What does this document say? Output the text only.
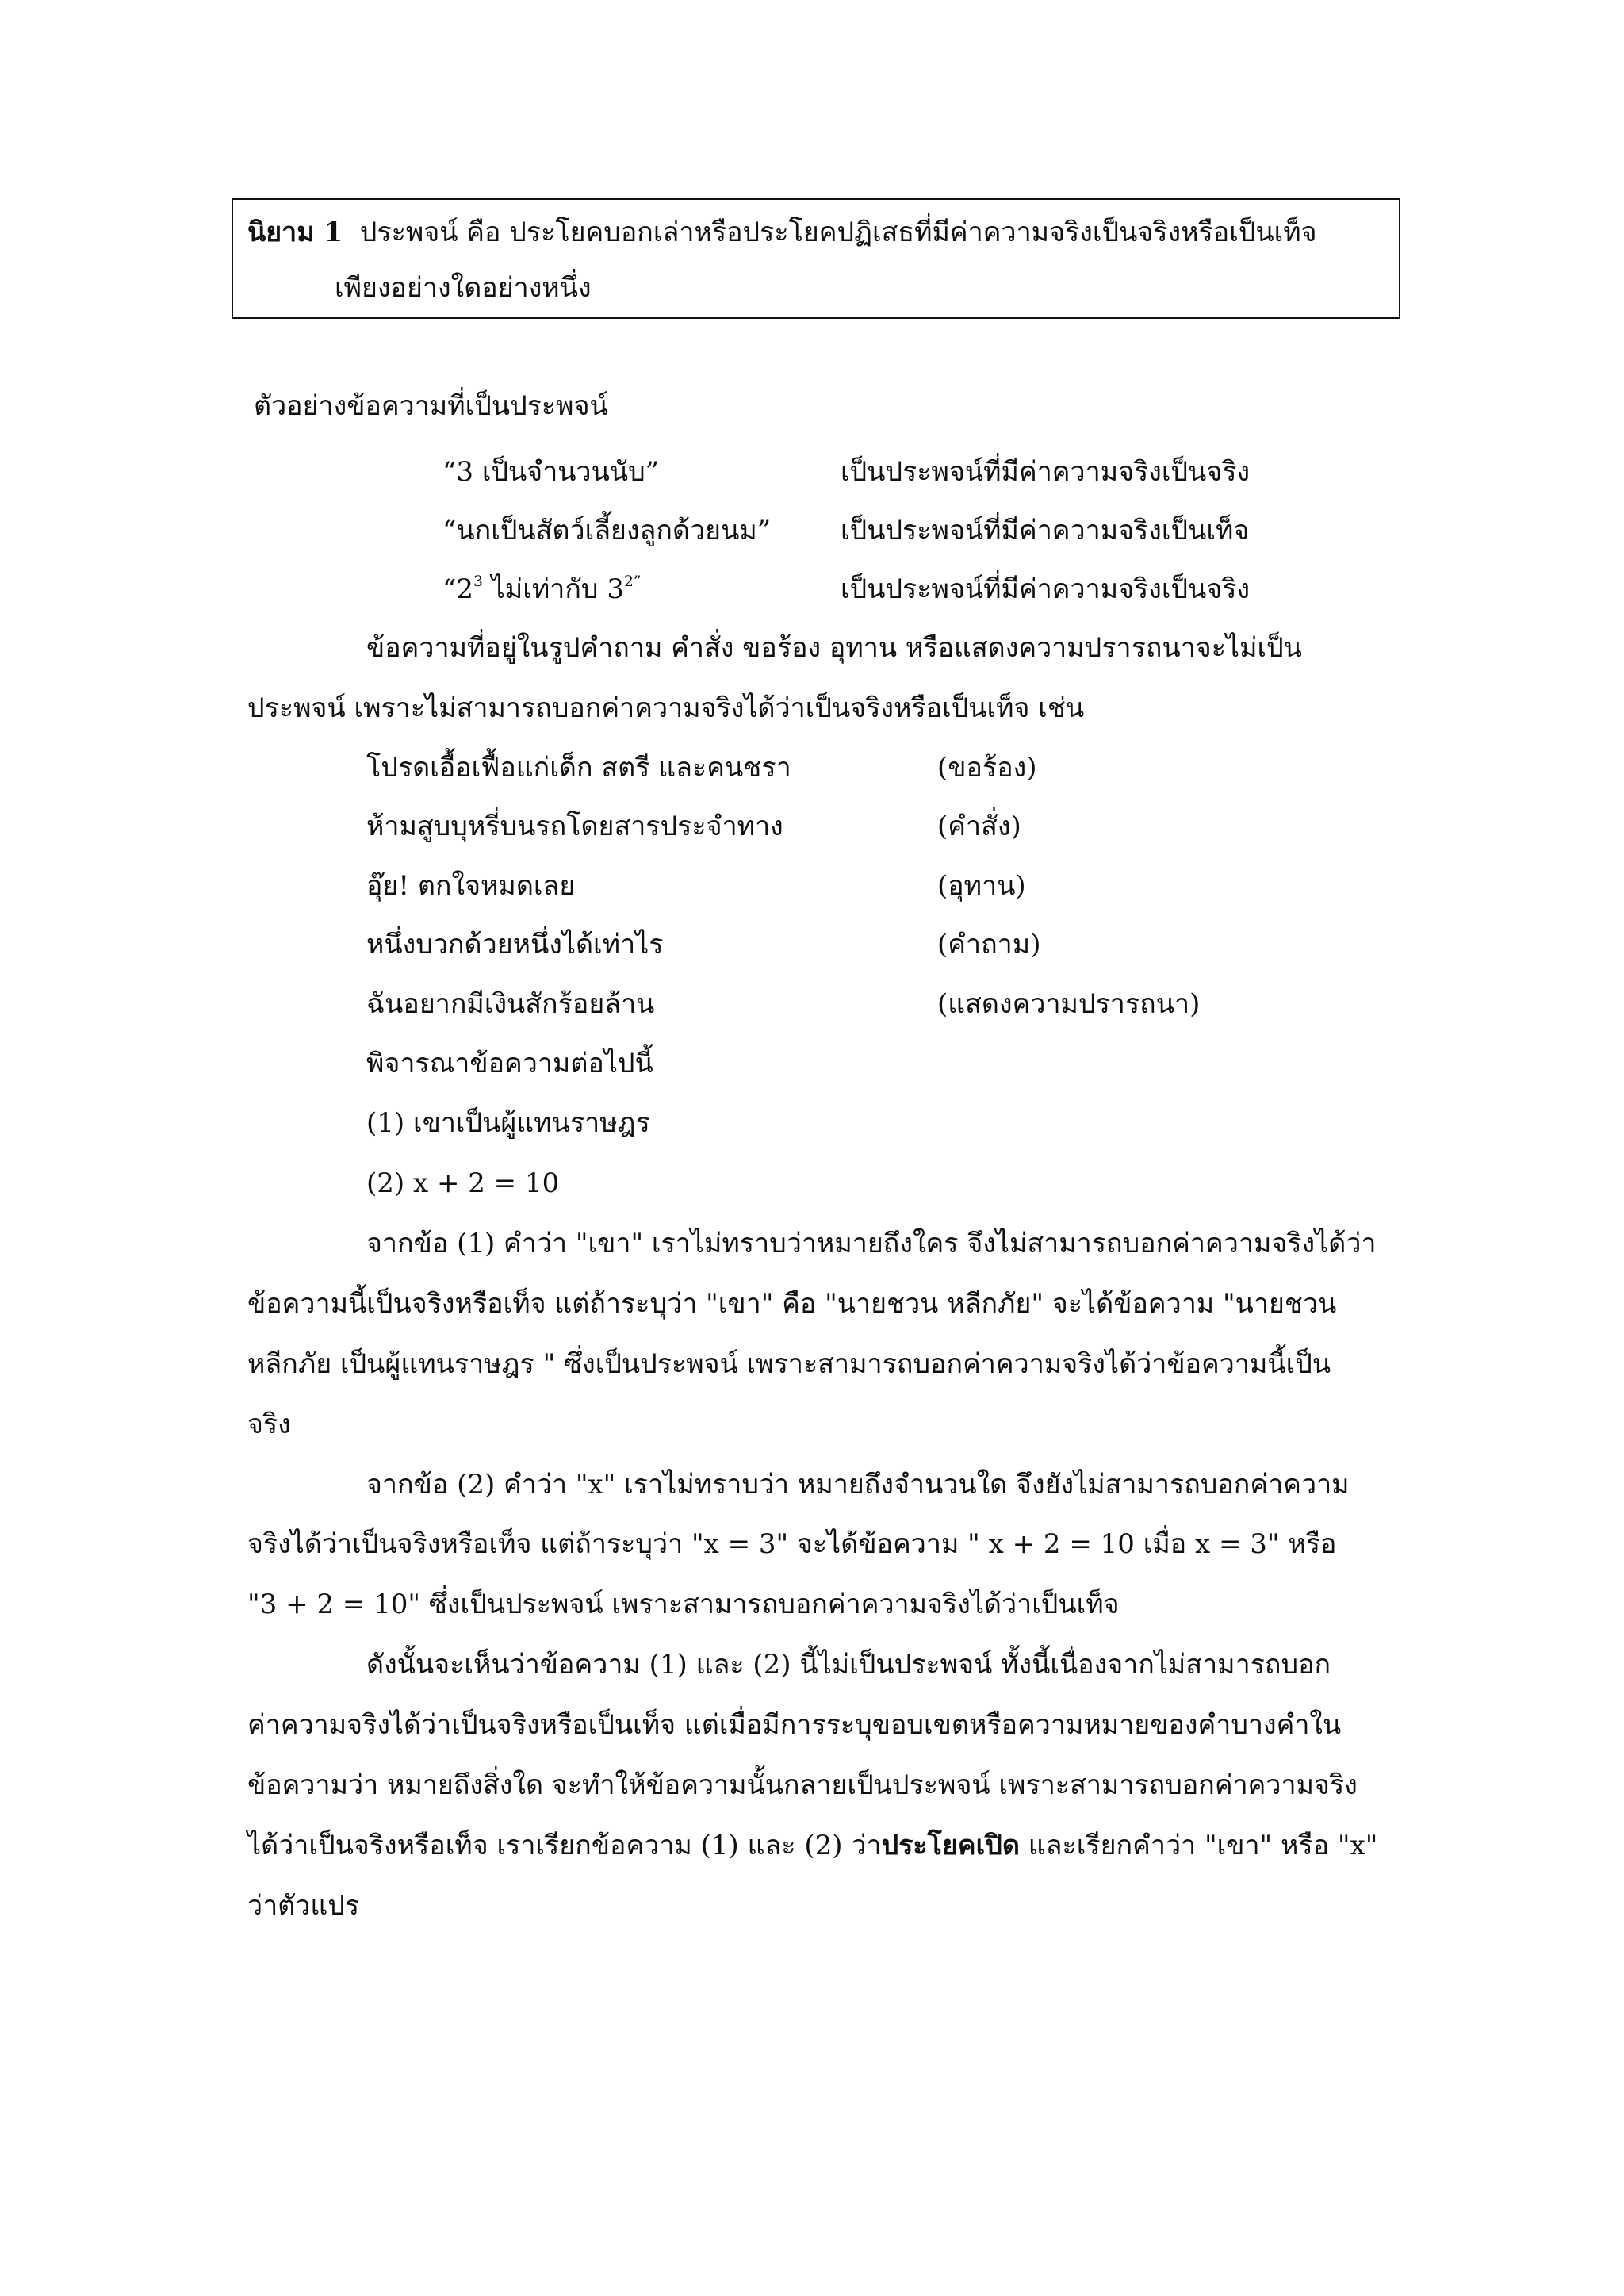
นิยาม 1 ประพจน์ คือ ประโยคบอกเล่าหรือประโยคปฏิเสธที่มีค่าความจริงเป็นจริงหรือเป็นเท็จ
เพียงอย่างใดอย่างหนึ่ง
ตัวอย่างข้อความที่เป็นประพจน์
“3 เป็นจำนวนนับ”	เป็นประพจน์ที่มีค่าความจริงเป็นจริง
“นกเป็นสัตว์เลี้ยงลูกด้วยนม”	เป็นประพจน์ที่มีค่าความจริงเป็นเท็จ
“$2^3$ ไม่เท่ากับ $3^{2”}$	เป็นประพจน์ที่มีค่าความจริงเป็นจริง
ข้อความที่อยู่ในรูปคำถาม คำสั่ง ขอร้อง อุทาน หรือแสดงความปรารถนาจะไม่เป็น
ประพจน์ เพราะไม่สามารถบอกค่าความจริงได้ว่าเป็นจริงหรือเป็นเท็จ เช่น
โปรดเอื้อเฟื้อแก่เด็ก สตรี และคนชรา	(ขอร้อง)
ห้ามสูบบุหรี่บนรถโดยสารประจำทาง	(คำสั่ง)
อุ๊ย! ตกใจหมดเลย	(อุทาน)
หนึ่งบวกด้วยหนึ่งได้เท่าไร	(คำถาม)
ฉันอยากมีเงินสักร้อยล้าน	(แสดงความปรารถนา)
พิจารณาข้อความต่อไปนี้
(1) เขาเป็นผู้แทนราษฎร
(2) x + 2 = 10
จากข้อ (1) คำว่า "เขา" เราไม่ทราบว่าหมายถึงใคร จึงไม่สามารถบอกค่าความจริงได้ว่า
ข้อความนี้เป็นจริงหรือเท็จ แต่ถ้าระบุว่า "เขา" คือ "นายชวน หลีกภัย" จะได้ข้อความ "นายชวน
หลีกภัย เป็นผู้แทนราษฎร " ซึ่งเป็นประพจน์ เพราะสามารถบอกค่าความจริงได้ว่าข้อความนี้เป็น
จริง
จากข้อ (2) คำว่า "x" เราไม่ทราบว่า หมายถึงจำนวนใด จึงยังไม่สามารถบอกค่าความ
จริงได้ว่าเป็นจริงหรือเท็จ แต่ถ้าระบุว่า "x = 3" จะได้ข้อความ " x + 2 = 10 เมื่อ x = 3" หรือ
"3 + 2 = 10" ซึ่งเป็นประพจน์ เพราะสามารถบอกค่าความจริงได้ว่าเป็นเท็จ
ดังนั้นจะเห็นว่าข้อความ (1) และ (2) นี้ไม่เป็นประพจน์ ทั้งนี้เนื่องจากไม่สามารถบอก
ค่าความจริงได้ว่าเป็นจริงหรือเป็นเท็จ แต่เมื่อมีการระบุขอบเขตหรือความหมายของคำบางคำใน
ข้อความว่า หมายถึงสิ่งใด จะทำให้ข้อความนั้นกลายเป็นประพจน์ เพราะสามารถบอกค่าความจริง
ได้ว่าเป็นจริงหรือเท็จ เราเรียกข้อความ (1) และ (2) ว่าประโยคเปิด และเรียกคำว่า "เขา" หรือ "x"
ว่าตัวแปร
